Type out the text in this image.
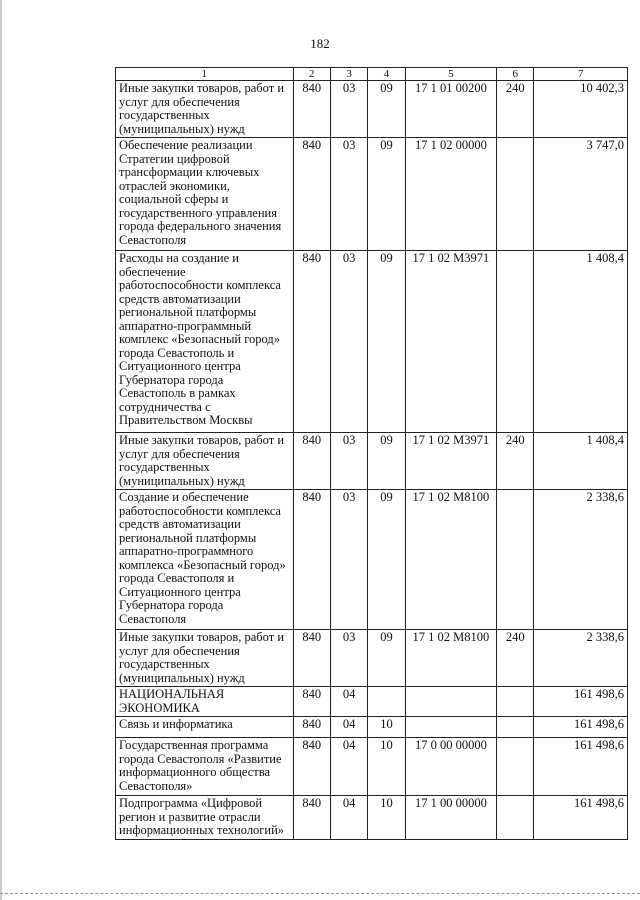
182
1	2	3	4	5	6	7
Иные закупки товаров, работ и услуг для обеспечения государственных (муниципальных) нужд	840	03	09	17 1 01 00200	240	10 402,3
Обеспечение реализации Стратегии цифровой трансформации ключевых отраслей экономики, социальной сферы и государственного управления города федерального значения Севастополя	840	03	09	17 1 02 00000		3 747,0
Расходы на создание и обеспечение работоспособности комплекса средств автоматизации региональной платформы аппаратно-программный комплекс «Безопасный город» города Севастополь и Ситуационного центра Губернатора города Севастополь в рамках сотрудничества с Правительством Москвы	840	03	09	17 1 02 М3971		1 408,4
Иные закупки товаров, работ и услуг для обеспечения государственных (муниципальных) нужд	840	03	09	17 1 02 М3971	240	1 408,4
Создание и обеспечение работоспособности комплекса средств автоматизации региональной платформы аппаратно-программного комплекса «Безопасный город» города Севастополя и Ситуационного центра Губернатора города Севастополя	840	03	09	17 1 02 М8100		2 338,6
Иные закупки товаров, работ и услуг для обеспечения государственных (муниципальных) нужд	840	03	09	17 1 02 М8100	240	2 338,6
НАЦИОНАЛЬНАЯ ЭКОНОМИКА	840	04				161 498,6
Связь и информатика	840	04	10			161 498,6
Государственная программа города Севастополя «Развитие информационного общества Севастополя»	840	04	10	17 0 00 00000		161 498,6
Подпрограмма «Цифровой регион и развитие отрасли информационных технологий»	840	04	10	17 1 00 00000		161 498,6
